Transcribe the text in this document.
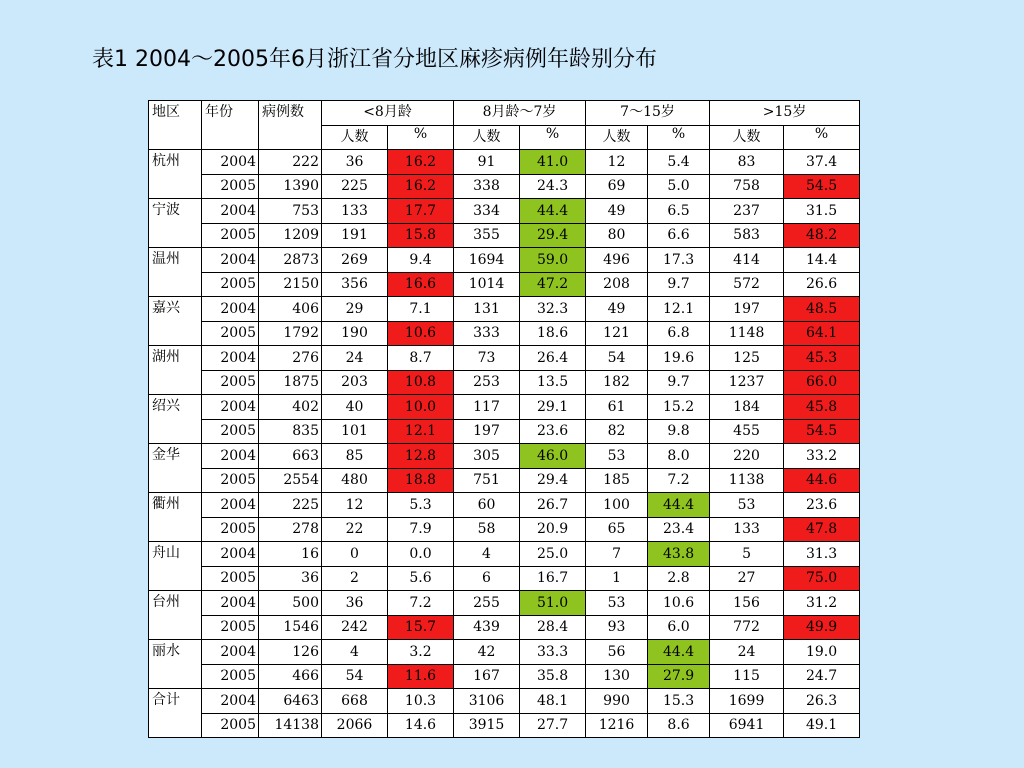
表1 2004～2005年6月浙江省分地区麻疹病例年龄别分布
地区	年份	病例数	<8月龄		8月龄～7岁		7～15岁		>15岁	
			人数	%	人数	%	人数	%	人数	%
杭州	2004	222	36	16.2	91	41.0	12	5.4	83	37.4
	2005	1390	225	16.2	338	24.3	69	5.0	758	54.5
宁波	2004	753	133	17.7	334	44.4	49	6.5	237	31.5
	2005	1209	191	15.8	355	29.4	80	6.6	583	48.2
温州	2004	2873	269	9.4	1694	59.0	496	17.3	414	14.4
	2005	2150	356	16.6	1014	47.2	208	9.7	572	26.6
嘉兴	2004	406	29	7.1	131	32.3	49	12.1	197	48.5
	2005	1792	190	10.6	333	18.6	121	6.8	1148	64.1
湖州	2004	276	24	8.7	73	26.4	54	19.6	125	45.3
	2005	1875	203	10.8	253	13.5	182	9.7	1237	66.0
绍兴	2004	402	40	10.0	117	29.1	61	15.2	184	45.8
	2005	835	101	12.1	197	23.6	82	9.8	455	54.5
金华	2004	663	85	12.8	305	46.0	53	8.0	220	33.2
	2005	2554	480	18.8	751	29.4	185	7.2	1138	44.6
衢州	2004	225	12	5.3	60	26.7	100	44.4	53	23.6
	2005	278	22	7.9	58	20.9	65	23.4	133	47.8
舟山	2004	16	0	0.0	4	25.0	7	43.8	5	31.3
	2005	36	2	5.6	6	16.7	1	2.8	27	75.0
台州	2004	500	36	7.2	255	51.0	53	10.6	156	31.2
	2005	1546	242	15.7	439	28.4	93	6.0	772	49.9
丽水	2004	126	4	3.2	42	33.3	56	44.4	24	19.0
	2005	466	54	11.6	167	35.8	130	27.9	115	24.7
合计	2004	6463	668	10.3	3106	48.1	990	15.3	1699	26.3
	2005	14138	2066	14.6	3915	27.7	1216	8.6	6941	49.1
